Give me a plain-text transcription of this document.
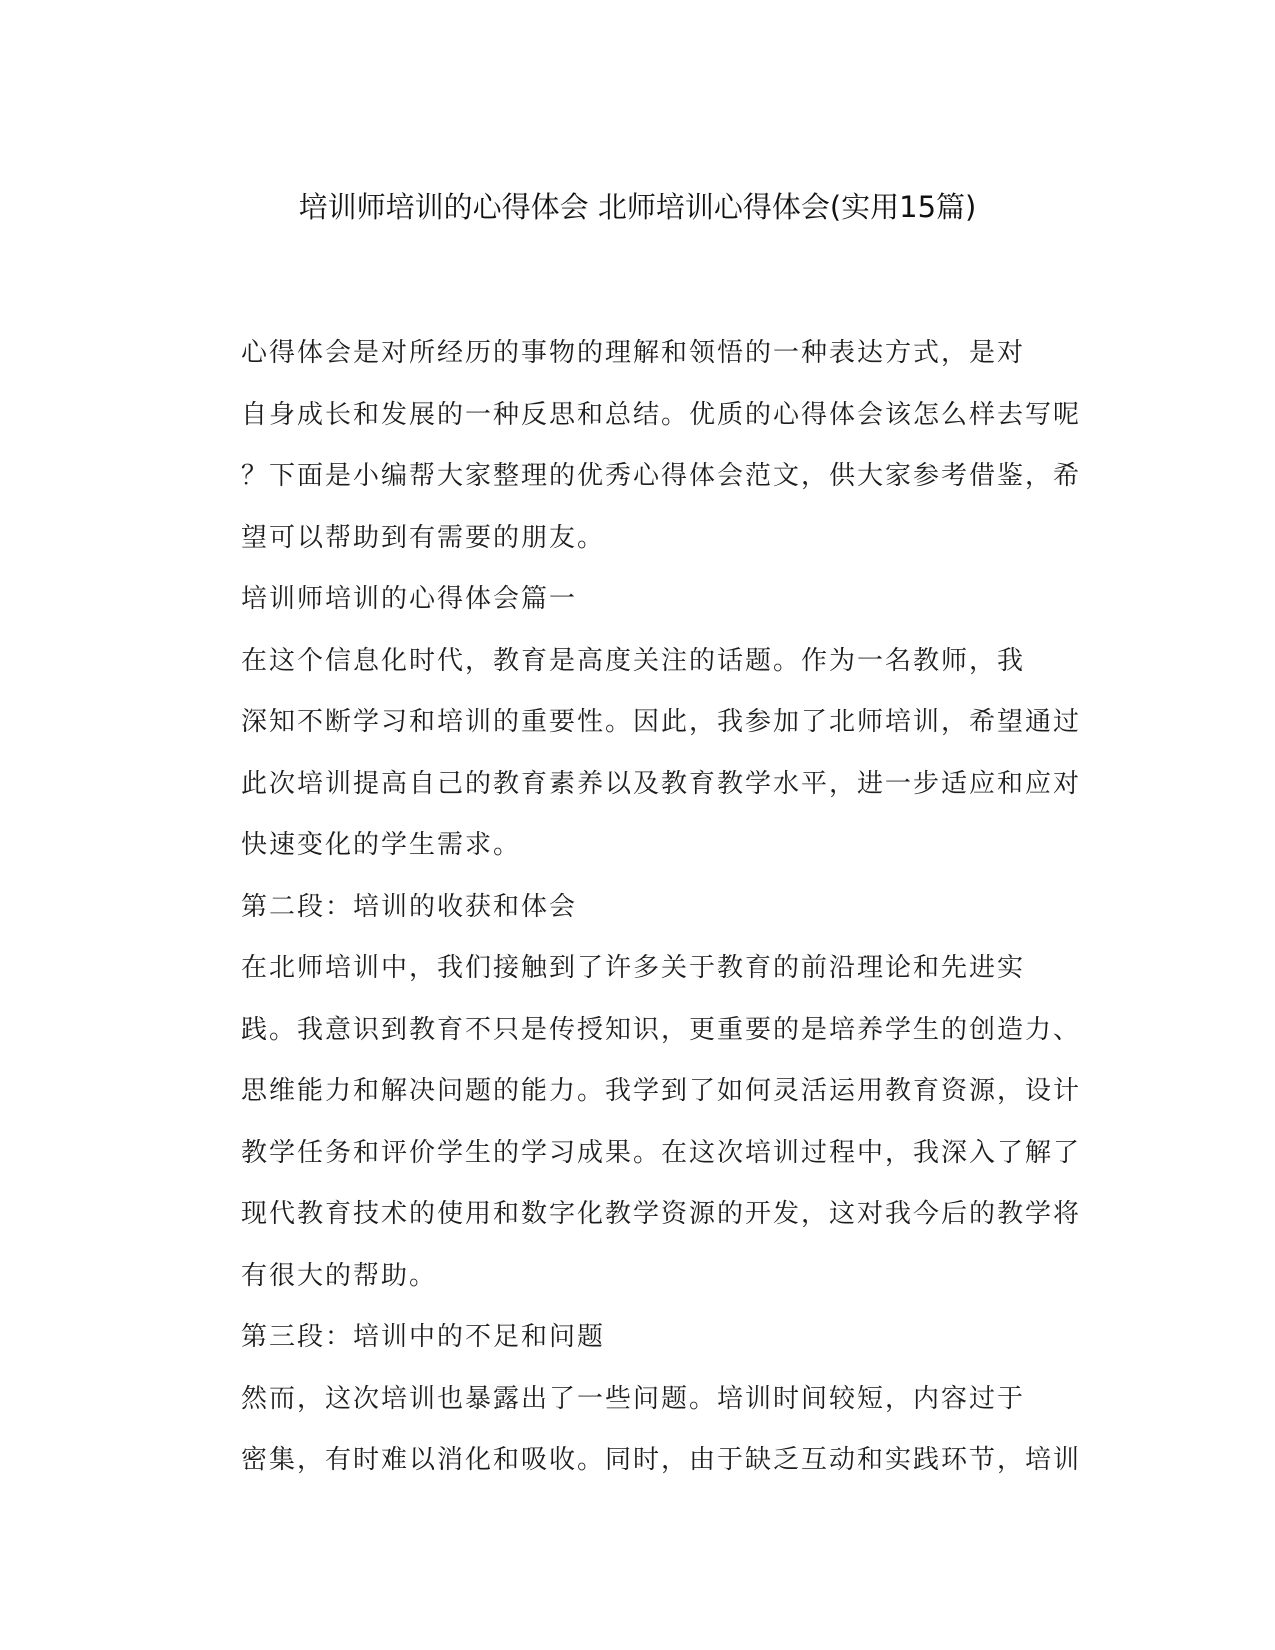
培训师培训的心得体会 北师培训心得体会(实用15篇)

心得体会是对所经历的事物的理解和领悟的一种表达方式，是对
自身成长和发展的一种反思和总结。优质的心得体会该怎么样去写呢
？下面是小编帮大家整理的优秀心得体会范文，供大家参考借鉴，希
望可以帮助到有需要的朋友。

培训师培训的心得体会篇一

在这个信息化时代，教育是高度关注的话题。作为一名教师，我
深知不断学习和培训的重要性。因此，我参加了北师培训，希望通过
此次培训提高自己的教育素养以及教育教学水平，进一步适应和应对
快速变化的学生需求。

第二段：培训的收获和体会

在北师培训中，我们接触到了许多关于教育的前沿理论和先进实
践。我意识到教育不只是传授知识，更重要的是培养学生的创造力、
思维能力和解决问题的能力。我学到了如何灵活运用教育资源，设计
教学任务和评价学生的学习成果。在这次培训过程中，我深入了解了
现代教育技术的使用和数字化教学资源的开发，这对我今后的教学将
有很大的帮助。

第三段：培训中的不足和问题

然而，这次培训也暴露出了一些问题。培训时间较短，内容过于
密集，有时难以消化和吸收。同时，由于缺乏互动和实践环节，培训
